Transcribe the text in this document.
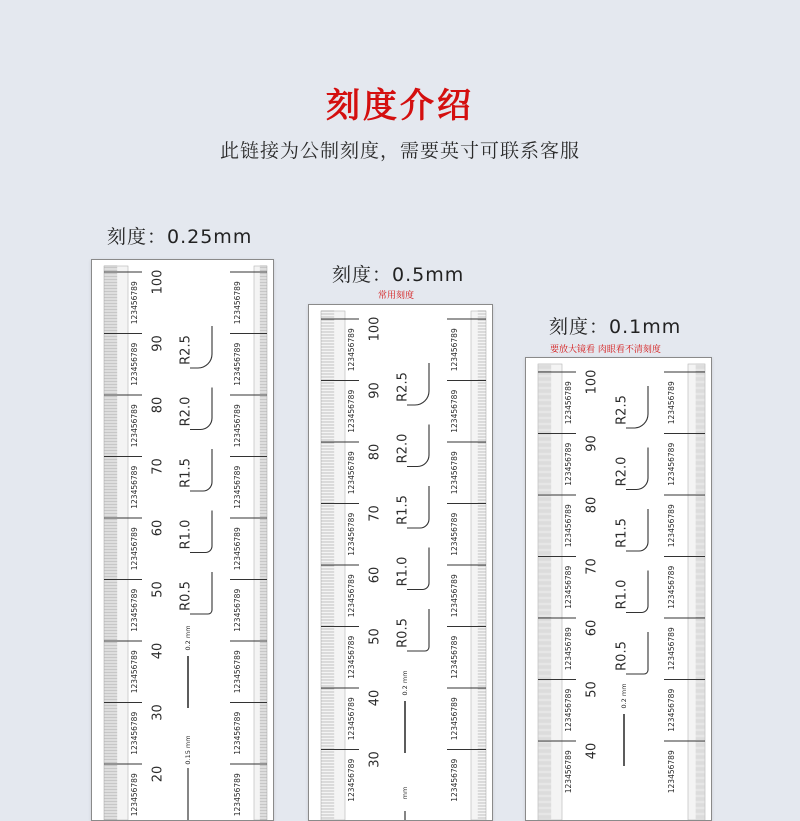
刻度介绍
此链接为公制刻度，需要英寸可联系客服
刻度：0.25mm
刻度：0.5mm
常用刻度
刻度：0.1mm
要放大镜看 肉眼看不清刻度
100
123456789	123456789
90
123456789	123456789
80
123456789	123456789
70
123456789	123456789
60
123456789	123456789
50
123456789	123456789
40
123456789	123456789
30
123456789	123456789
20
123456789	123456789
R2.5
R2.0
R1.5
R1.0
R0.5
0.2 mm
0.15 mm
100
123456789	123456789
90
123456789	123456789
80
123456789	123456789
70
123456789	123456789
60
123456789	123456789
50
123456789	123456789
40
123456789	123456789
30
123456789	123456789
R2.5
R2.0
R1.5
R1.0
R0.5
0.2 mm
mm
100
123456789	123456789
90
123456789	123456789
80
123456789	123456789
70
123456789	123456789
60
123456789	123456789
50
123456789	123456789
40
123456789	123456789
R2.5
R2.0
R1.5
R1.0
R0.5
0.2 mm
